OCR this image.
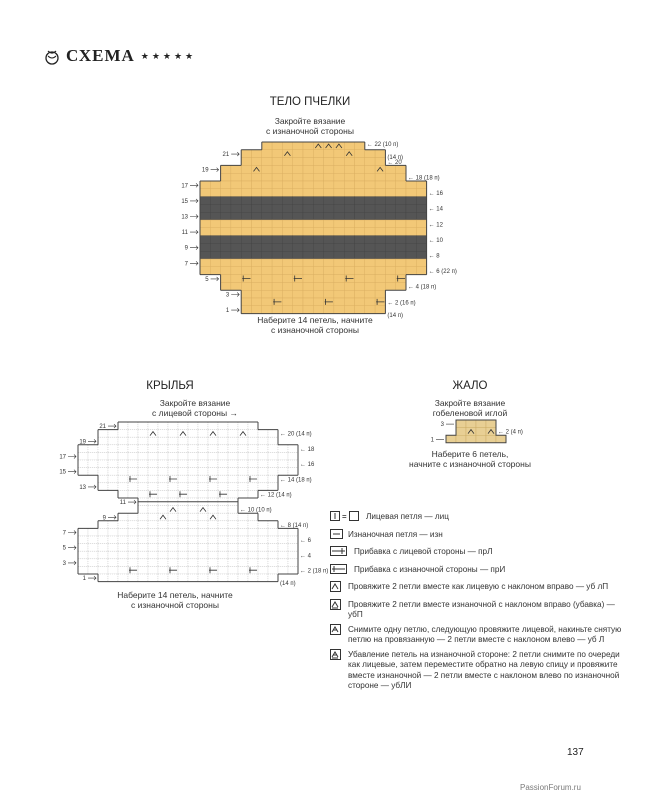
СХЕМА ★★★★★
ТЕЛО ПЧЕЛКИ
Закройте вязание
с изнаночной стороны
21
19
17
15
13
11
9
7
5
3
1
← 22 (10 п)
(14 п)
← 20
← 18 (18 п)
← 16
← 14
← 12
← 10
← 8
← 6 (22 п)
← 4 (18 п)
← 2 (16 п)
(14 п)
Наберите 14 петель, начните
с изнаночной стороны
КРЫЛЬЯ
Закройте вязание
с лицевой стороны →
21
19
17
15
13
11
9
7
5
3
1
← 20 (14 п)
← 18
← 16
← 14 (18 п)
← 12 (14 п)
← 10 (10 п)
← 8 (14 п)
← 6
← 4
← 2 (18 п)
(14 п)
Наберите 14 петель, начните
с изнаночной стороны
ЖАЛО
Закройте вязание
гобеленовой иглой
3
1
← 2 (4 п)
Наберите 6 петель,
начните с изнаночной стороны
= Лицевая петля — лиц
Изнаночная петля — изн
Прибавка с лицевой стороны — прЛ
Прибавка с изнаночной стороны — прИ
Провяжите 2 петли вместе как лицевую с наклоном вправо — уб лП
Провяжите 2 петли вместе изнаночной с наклоном вправо (убавка) — убП
Снимите одну петлю, следующую провяжите лицевой, накиньте снятую петлю на провязанную — 2 петли вместе с наклоном влево — уб Л
Убавление петель на изнаночной стороне: 2 петли снимите по очереди как лицевые, затем переместите обратно на левую спицу и провяжите вместе изнаночной — 2 петли вместе с наклоном влево по изнаночной стороне — убЛИ
137
PassionForum.ru
